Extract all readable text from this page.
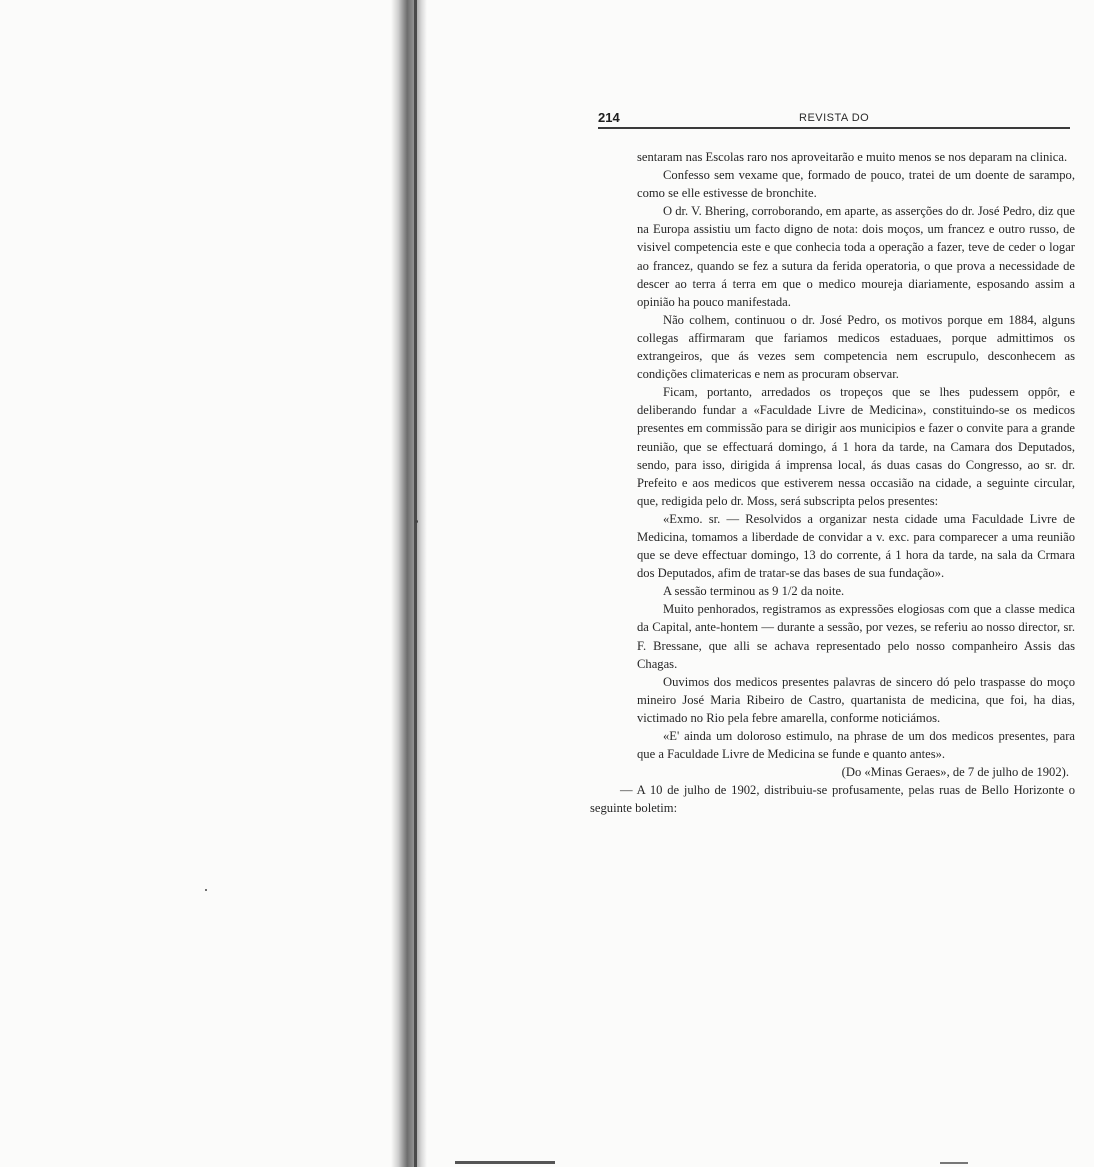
214	REVISTA DO

sentaram nas Escolas raro nos aproveitarão e muito menos se nos deparam na clinica.

Confesso sem vexame que, formado de pouco, tratei de um doente de sarampo, como se elle estivesse de bronchite.

O dr. V. Bhering, corroborando, em aparte, as asserções do dr. José Pedro, diz que na Europa assistiu um facto digno de nota: dois moços, um francez e outro russo, de visivel competencia este e que conhecia toda a operação a fazer, teve de ceder o logar ao francez, quando se fez a sutura da ferida operatoria, o que prova a necessidade de descer ao terra á terra em que o medico moureja diariamente, esposando assim a opinião ha pouco manifestada.

Não colhem, continuou o dr. José Pedro, os motivos porque em 1884, alguns collegas affirmaram que fariamos medicos estaduaes, porque admittimos os extrangeiros, que ás vezes sem competencia nem escrupulo, desconhecem as condições climatericas e nem as procuram observar.

Ficam, portanto, arredados os tropeços que se lhes pudessem oppôr, e deliberando fundar a «Faculdade Livre de Medicina», constituindo-se os medicos presentes em commissão para se dirigir aos municipios e fazer o convite para a grande reunião, que se effectuará domingo, á 1 hora da tarde, na Camara dos Deputados, sendo, para isso, dirigida á imprensa local, ás duas casas do Congresso, ao sr. dr. Prefeito e aos medicos que estiverem nessa occasião na cidade, a seguinte circular, que, redigida pelo dr. Moss, será subscripta pelos presentes:

«Exmo. sr. — Resolvidos a organizar nesta cidade uma Faculdade Livre de Medicina, tomamos a liberdade de convidar a v. exc. para comparecer a uma reunião que se deve effectuar domingo, 13 do corrente, á 1 hora da tarde, na sala da Crmara dos Deputados, afim de tratar-se das bases de sua fundação».

A sessão terminou as 9 1/2 da noite.

Muito penhorados, registramos as expressões elogiosas com que a classe medica da Capital, ante-hontem — durante a sessão, por vezes, se referiu ao nosso director, sr. F. Bressane, que alli se achava representado pelo nosso companheiro Assis das Chagas.

Ouvimos dos medicos presentes palavras de sincero dó pelo traspasse do moço mineiro José Maria Ribeiro de Castro, quartanista de medicina, que foi, ha dias, victimado no Rio pela febre amarella, conforme noticiámos.

«E' ainda um doloroso estimulo, na phrase de um dos medicos presentes, para que a Faculdade Livre de Medicina se funde e quanto antes».

(Do «Minas Geraes», de 7 de julho de 1902).

— A 10 de julho de 1902, distribuiu-se profusamente, pelas ruas de Bello Horizonte o seguinte boletim:
